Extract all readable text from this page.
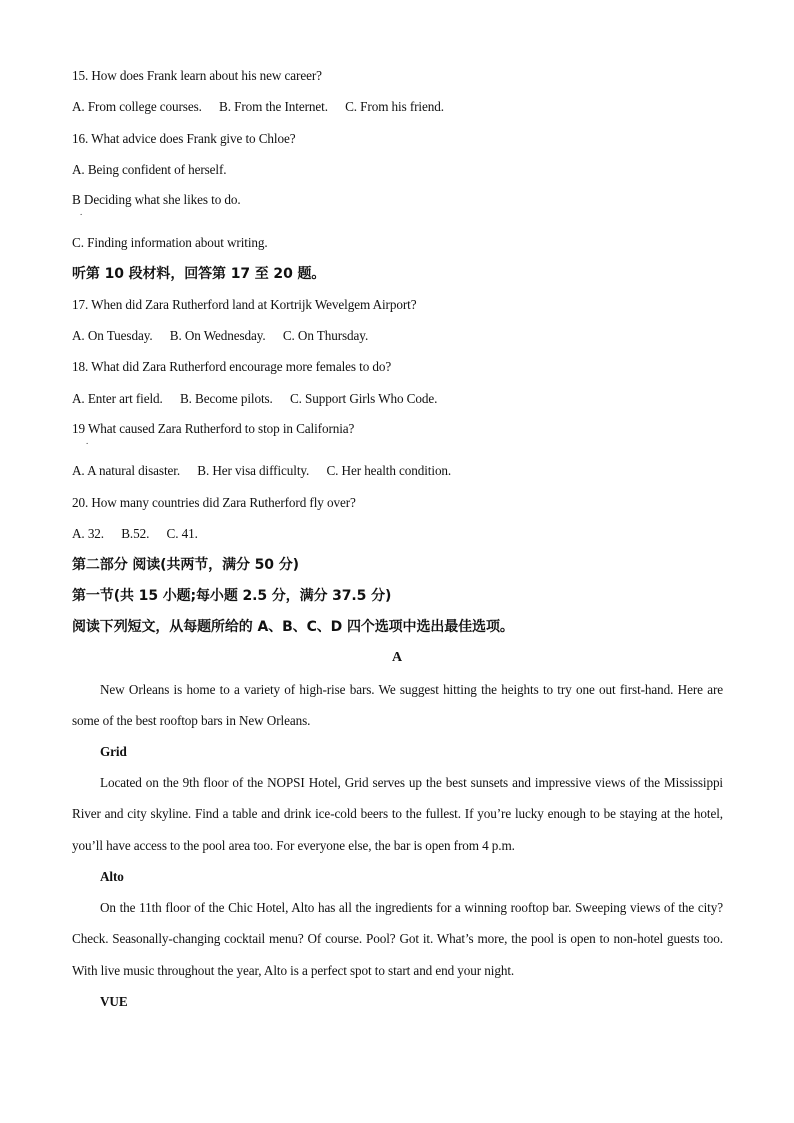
15. How does Frank learn about his new career?
A. From college courses. B. From the Internet. C. From his friend.
16. What advice does Frank give to Chloe?
A. Being confident of herself.
B Deciding what she likes to do.
.
C. Finding information about writing.
听第 10 段材料，回答第 17 至 20 题。
17. When did Zara Rutherford land at Kortrijk Wevelgem Airport?
A. On Tuesday. B. On Wednesday. C. On Thursday.
18. What did Zara Rutherford encourage more females to do?
A. Enter art field. B. Become pilots. C. Support Girls Who Code.
19 What caused Zara Rutherford to stop in California?
.
A. A natural disaster. B. Her visa difficulty. C. Her health condition.
20. How many countries did Zara Rutherford fly over?
A. 32. B.52. C. 41.
第二部分 阅读(共两节，满分 50 分)
第一节(共 15 小题;每小题 2.5 分，满分 37.5 分)
阅读下列短文，从每题所给的 A、B、C、D 四个选项中选出最佳选项。
A
New Orleans is home to a variety of high-rise bars. We suggest hitting the heights to try one out first-hand. Here are some of the best rooftop bars in New Orleans.
Grid
Located on the 9th floor of the NOPSI Hotel, Grid serves up the best sunsets and impressive views of the Mississippi River and city skyline. Find a table and drink ice-cold beers to the fullest. If you’re lucky enough to be staying at the hotel, you’ll have access to the pool area too. For everyone else, the bar is open from 4 p.m.
Alto
On the 11th floor of the Chic Hotel, Alto has all the ingredients for a winning rooftop bar. Sweeping views of the city? Check. Seasonally-changing cocktail menu? Of course. Pool? Got it. What’s more, the pool is open to non-hotel guests too. With live music throughout the year, Alto is a perfect spot to start and end your night.
VUE
